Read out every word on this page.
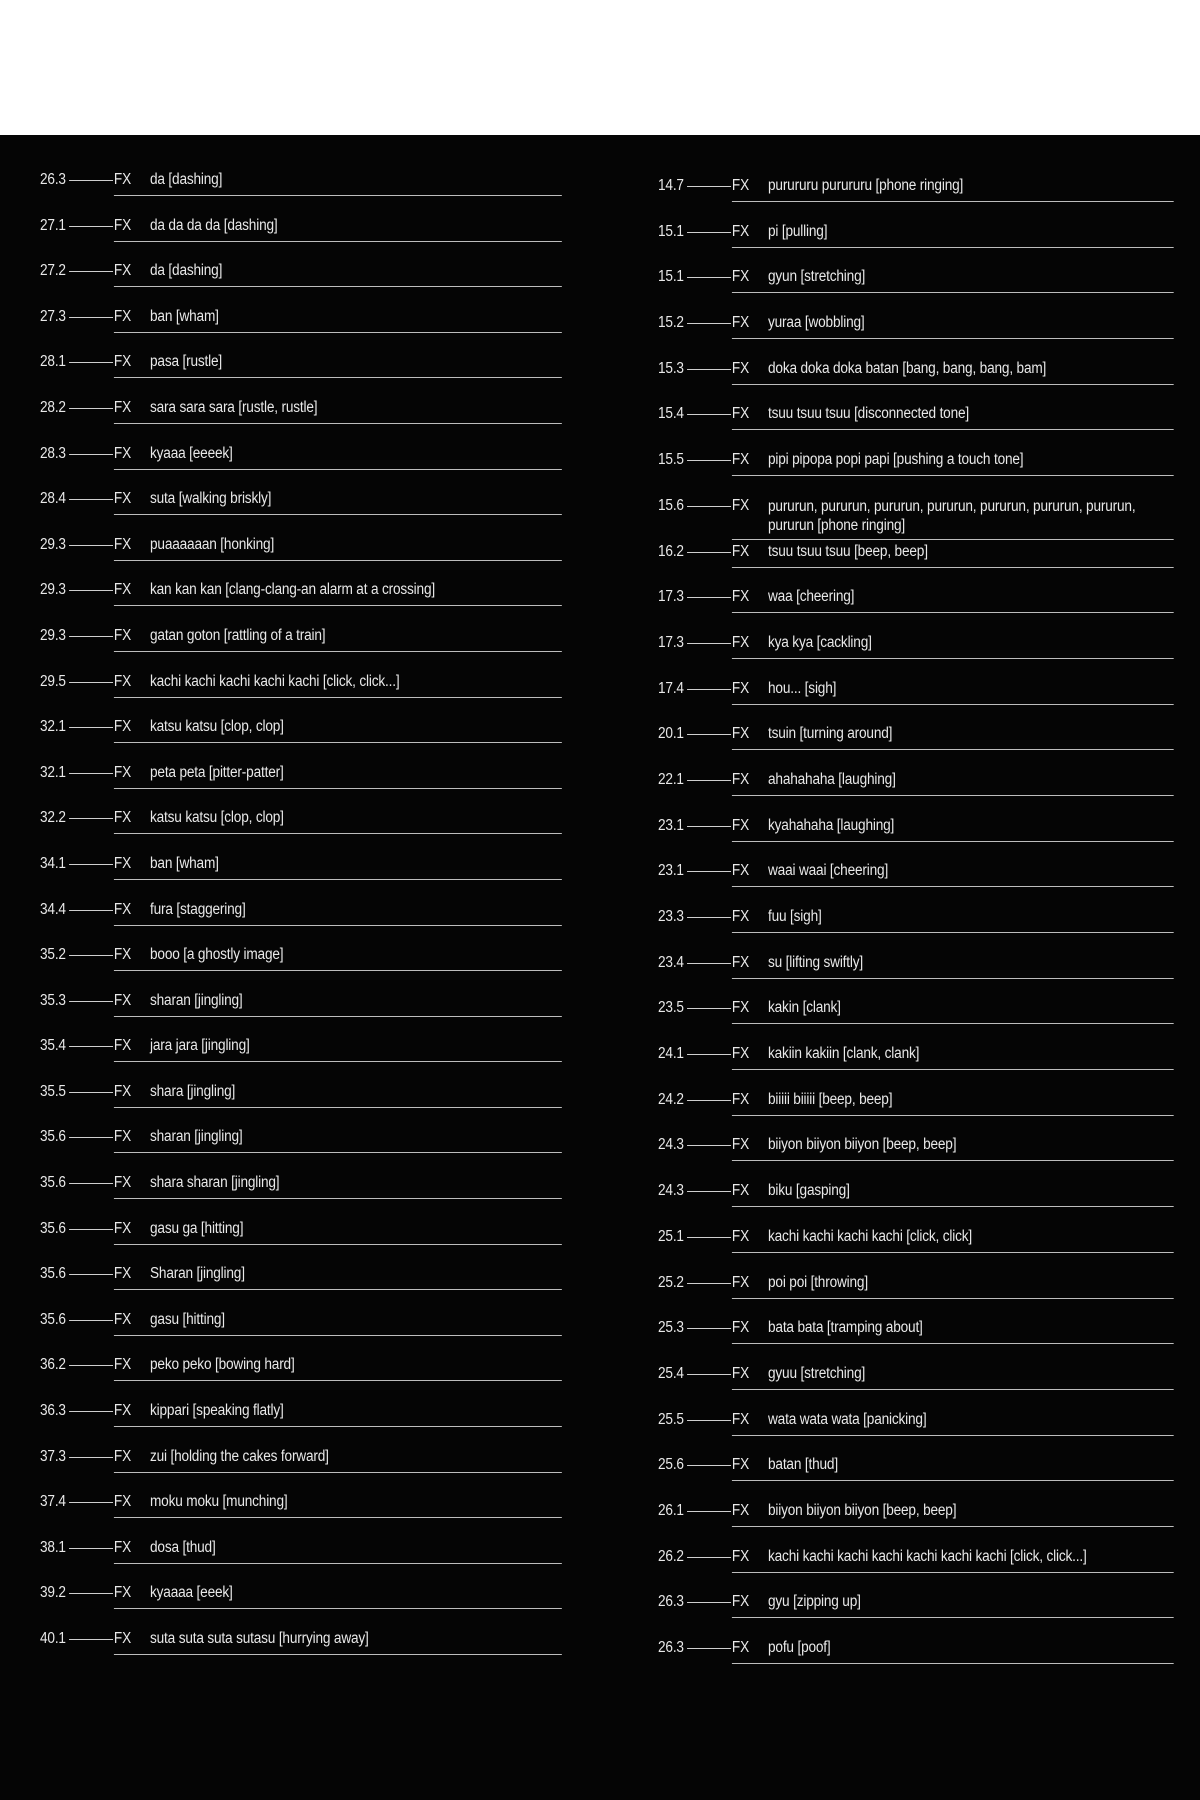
26.3	FX da [dashing]
27.1	FX da da da da [dashing]
27.2	FX da [dashing]
27.3	FX ban [wham]
28.1	FX pasa [rustle]
28.2	FX sara sara sara [rustle, rustle]
28.3	FX kyaaa [eeeek]
28.4	FX suta [walking briskly]
29.3	FX puaaaaaan [honking]
29.3	FX kan kan kan [clang-clang-an alarm at a crossing]
29.3	FX gatan goton [rattling of a train]
29.5	FX kachi kachi kachi kachi kachi [click, click...]
32.1	FX katsu katsu [clop, clop]
32.1	FX peta peta [pitter-patter]
32.2	FX katsu katsu [clop, clop]
34.1	FX ban [wham]
34.4	FX fura [staggering]
35.2	FX booo [a ghostly image]
35.3	FX sharan [jingling]
35.4	FX jara jara [jingling]
35.5	FX shara [jingling]
35.6	FX sharan [jingling]
35.6	FX shara sharan [jingling]
35.6	FX gasu ga [hitting]
35.6	FX Sharan [jingling]
35.6	FX gasu [hitting]
36.2	FX peko peko [bowing hard]
36.3	FX kippari [speaking flatly]
37.3	FX zui [holding the cakes forward]
37.4	FX moku moku [munching]
38.1	FX dosa [thud]
39.2	FX kyaaaa [eeek]
40.1	FX suta suta suta sutasu [hurrying away]
14.7	FX purururu purururu [phone ringing]
15.1	FX pi [pulling]
15.1	FX gyun [stretching]
15.2	FX yuraa [wobbling]
15.3	FX doka doka doka batan [bang, bang, bang, bam]
15.4	FX tsuu tsuu tsuu [disconnected tone]
15.5	FX pipi pipopa popi papi [pushing a touch tone]
15.6	FX pururun, pururun, pururun, pururun, pururun, pururun, pururun, pururun [phone ringing]
16.2	FX tsuu tsuu tsuu [beep, beep]
17.3	FX waa [cheering]
17.3	FX kya kya [cackling]
17.4	FX hou... [sigh]
20.1	FX tsuin [turning around]
22.1	FX ahahahaha [laughing]
23.1	FX kyahahaha [laughing]
23.1	FX waai waai [cheering]
23.3	FX fuu [sigh]
23.4	FX su [lifting swiftly]
23.5	FX kakin [clank]
24.1	FX kakiin kakiin [clank, clank]
24.2	FX biiiii biiiii [beep, beep]
24.3	FX biiyon biiyon biiyon [beep, beep]
24.3	FX biku [gasping]
25.1	FX kachi kachi kachi kachi [click, click]
25.2	FX poi poi [throwing]
25.3	FX bata bata [tramping about]
25.4	FX gyuu [stretching]
25.5	FX wata wata wata [panicking]
25.6	FX batan [thud]
26.1	FX biiyon biiyon biiyon [beep, beep]
26.2	FX kachi kachi kachi kachi kachi kachi kachi [click, click...]
26.3	FX gyu [zipping up]
26.3	FX pofu [poof]
